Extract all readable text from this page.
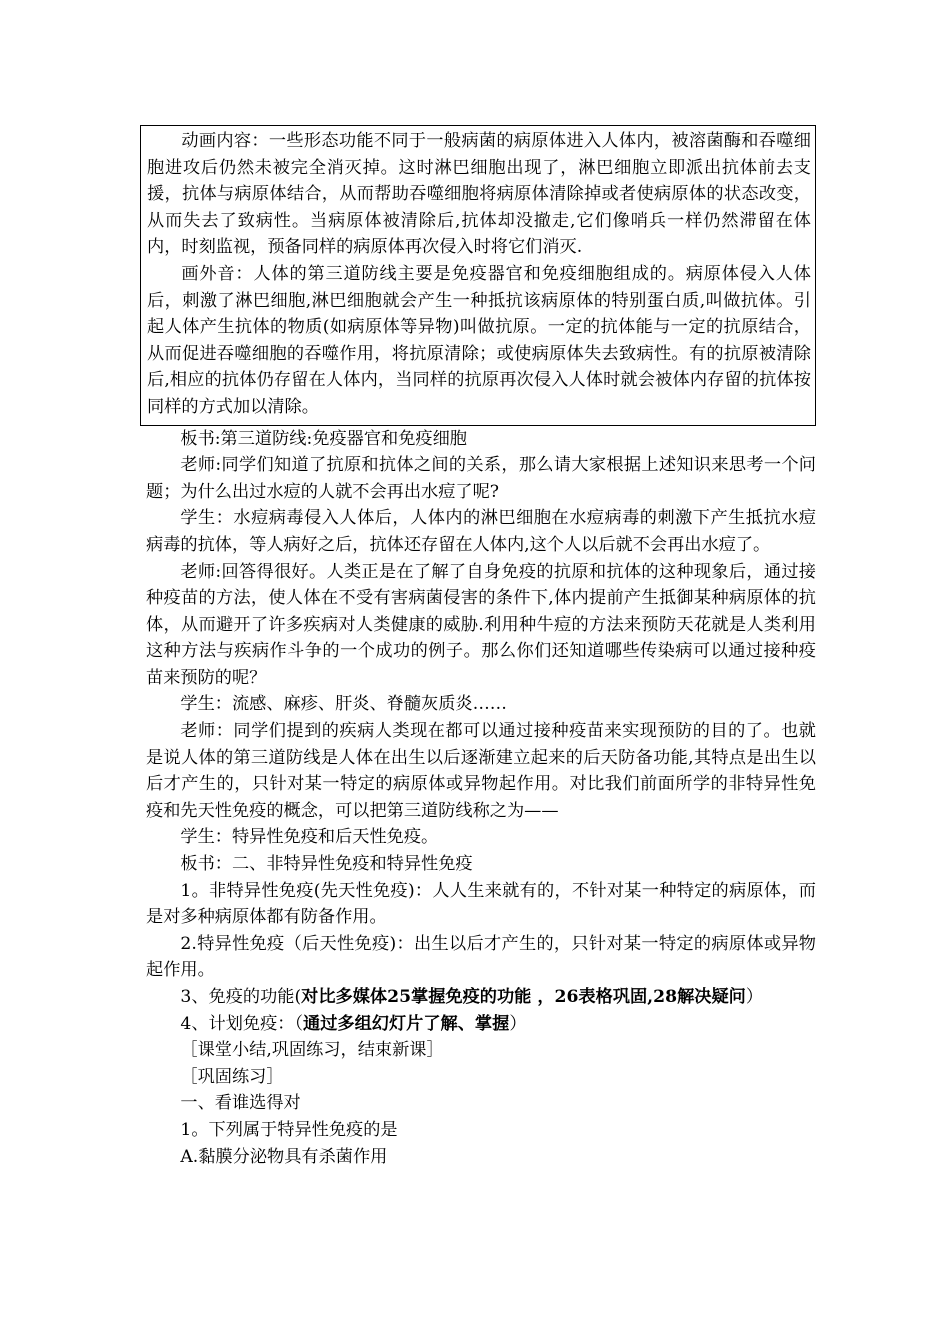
动画内容：一些形态功能不同于一般病菌的病原体进入人体内，被溶菌酶和吞噬细胞进攻后仍然未被完全消灭掉。这时淋巴细胞出现了，淋巴细胞立即派出抗体前去支援，抗体与病原体结合，从而帮助吞噬细胞将病原体清除掉或者使病原体的状态改变，从而失去了致病性。当病原体被清除后,抗体却没撤走,它们像哨兵一样仍然滞留在体内，时刻监视，预备同样的病原体再次侵入时将它们消灭.

画外音：人体的第三道防线主要是免疫器官和免疫细胞组成的。病原体侵入人体后，刺激了淋巴细胞,淋巴细胞就会产生一种抵抗该病原体的特别蛋白质,叫做抗体。引起人体产生抗体的物质(如病原体等异物)叫做抗原。一定的抗体能与一定的抗原结合，从而促进吞噬细胞的吞噬作用，将抗原清除；或使病原体失去致病性。有的抗原被清除后,相应的抗体仍存留在人体内，当同样的抗原再次侵入人体时就会被体内存留的抗体按同样的方式加以清除。

板书:第三道防线:免疫器官和免疫细胞

老师:同学们知道了抗原和抗体之间的关系，那么请大家根据上述知识来思考一个问题；为什么出过水痘的人就不会再出水痘了呢?

学生：水痘病毒侵入人体后，人体内的淋巴细胞在水痘病毒的刺激下产生抵抗水痘病毒的抗体，等人病好之后，抗体还存留在人体内,这个人以后就不会再出水痘了。

老师:回答得很好。人类正是在了解了自身免疫的抗原和抗体的这种现象后，通过接种疫苗的方法，使人体在不受有害病菌侵害的条件下,体内提前产生抵御某种病原体的抗体，从而避开了许多疾病对人类健康的威胁.利用种牛痘的方法来预防天花就是人类利用这种方法与疾病作斗争的一个成功的例子。那么你们还知道哪些传染病可以通过接种疫苗来预防的呢？

学生：流感、麻疹、肝炎、脊髓灰质炎……

老师：同学们提到的疾病人类现在都可以通过接种疫苗来实现预防的目的了。也就是说人体的第三道防线是人体在出生以后逐渐建立起来的后天防备功能,其特点是出生以后才产生的，只针对某一特定的病原体或异物起作用。对比我们前面所学的非特异性免疫和先天性免疫的概念，可以把第三道防线称之为——

学生：特异性免疫和后天性免疫。

板书：二、非特异性免疫和特异性免疫

1。非特异性免疫(先天性免疫)：人人生来就有的，不针对某一种特定的病原体，而是对多种病原体都有防备作用。

2.特异性免疫（后天性免疫)：出生以后才产生的，只针对某一特定的病原体或异物起作用。

3、免疫的功能(对比多媒体25掌握免疫的功能 ，26表格巩固,28解决疑问）

4、计划免疫：（通过多组幻灯片了解、掌握）

［课堂小结,巩固练习，结束新课］

［巩固练习］

一、看谁选得对

1。下列属于特异性免疫的是

A.黏膜分泌物具有杀菌作用
